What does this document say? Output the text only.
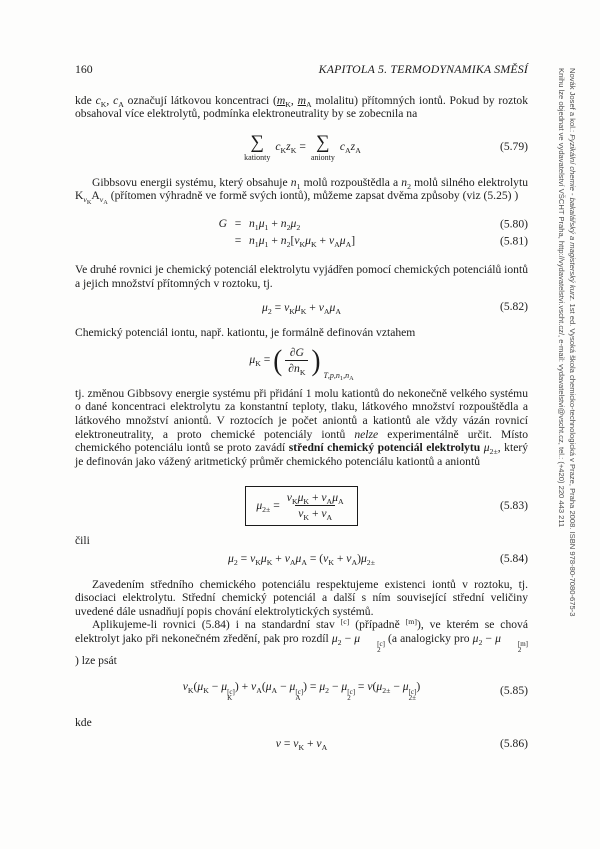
160	KAPITOLA 5. TERMODYNAMIKA SMĚSÍ

kde $c_K$, $c_A$ označují látkovou koncentraci ($m_K$, $m_A$ molalitu) přítomných iontů. Pokud by roztok obsahoval více elektrolytů, podmínka elektroneutrality by se zobecnila na

∑
kationty
$c_Kz_K$ = ∑
anionty
$c_Az_A$	(5.79)

Gibbsovu energii systému, který obsahuje $n_1$ molů rozpouštědla a $n_2$ molů silného elektrolytu $K_{\nu_K}A_{\nu_A}$ (přítomen výhradně ve formě svých iontů), můžeme zapsat dvěma způsoby (viz (5.25) )

$G = n_1\mu_1 + n_2\mu_2$	(5.80)
= $n_1\mu_1 + n_2[\nu_K\mu_K + \nu_A\mu_A]$	(5.81)

Ve druhé rovnici je chemický potenciál elektrolytu vyjádřen pomocí chemických potenciálů iontů a jejich množství přítomných v roztoku, tj.

$\mu_2 = \nu_K\mu_K + \nu_A\mu_A$	(5.82)

Chemický potenciál iontu, např. kationtu, je formálně definován vztahem

$\mu_K$ = ( $\frac{\partial G}{\partial n_K}$ ) $T,p,n_1,n_A$

tj. změnou Gibbsovy energie systému při přidání 1 molu kationtů do nekonečně velkého systému o dané koncentraci elektrolytu za konstantní teploty, tlaku, látkového množství rozpouštědla a látkového množství aniontů. V roztocích je počet aniontů a kationtů ale vždy vázán rovnicí elektroneutrality, a proto chemické potenciály iontů nelze experimentálně určit. Místo chemického potenciálu iontů se proto zavádí střední chemický potenciál elektrolytu $\mu_{2\pm}$, který je definován jako vážený aritmetický průměr chemického potenciálu kationtů a aniontů

$\mu_{2\pm} = \frac{\nu_K\mu_K + \nu_A\mu_A}{\nu_K + \nu_A}$	(5.83)

čili

$\mu_2 = \nu_K\mu_K + \nu_A\mu_A = (\nu_K + \nu_A)\mu_{2\pm}$	(5.84)

Zavedením středního chemického potenciálu respektujeme existenci iontů v roztoku, tj. disociaci elektrolytu. Střední chemický potenciál a další s ním související střední veličiny uvedené dále usnadňují popis chování elektrolytických systémů.

Aplikujeme-li rovnici (5.84) i na standardní stav [c] (případně [m]), ve kterém se chová elektrolyt jako při nekonečném zředění, pak pro rozdíl $\mu_2 - \mu$	[c]
2
(a analogicky pro $\mu_2 - \mu$	[m]
2
) lze psát

$\nu_K(\mu_K - \mu$ [c]
K
) + $\nu_A(\mu_A - \mu$ [c]
A
) = $\mu_2 - \mu$ [c]
2
= $\nu(\mu_{2\pm} - \mu$ [c]
2±
)	(5.85)

kde

$\nu = \nu_K + \nu_A$	(5.86)
Novák Josef a kol.: Fyzikální chemie - bakalářský a magisterský kurz. 1st ed. Vysoká škola chemicko-technologická v Praze, Praha 2008. ISBN 978-80-7080-675-3
Knihu lze objednat ve vydavatelství VŠCHT Praha, http://vydavatelstvi.vscht.cz/, e-mail: vydavatelstvi@vscht.cz, tel.: (+420) 220 443 211
